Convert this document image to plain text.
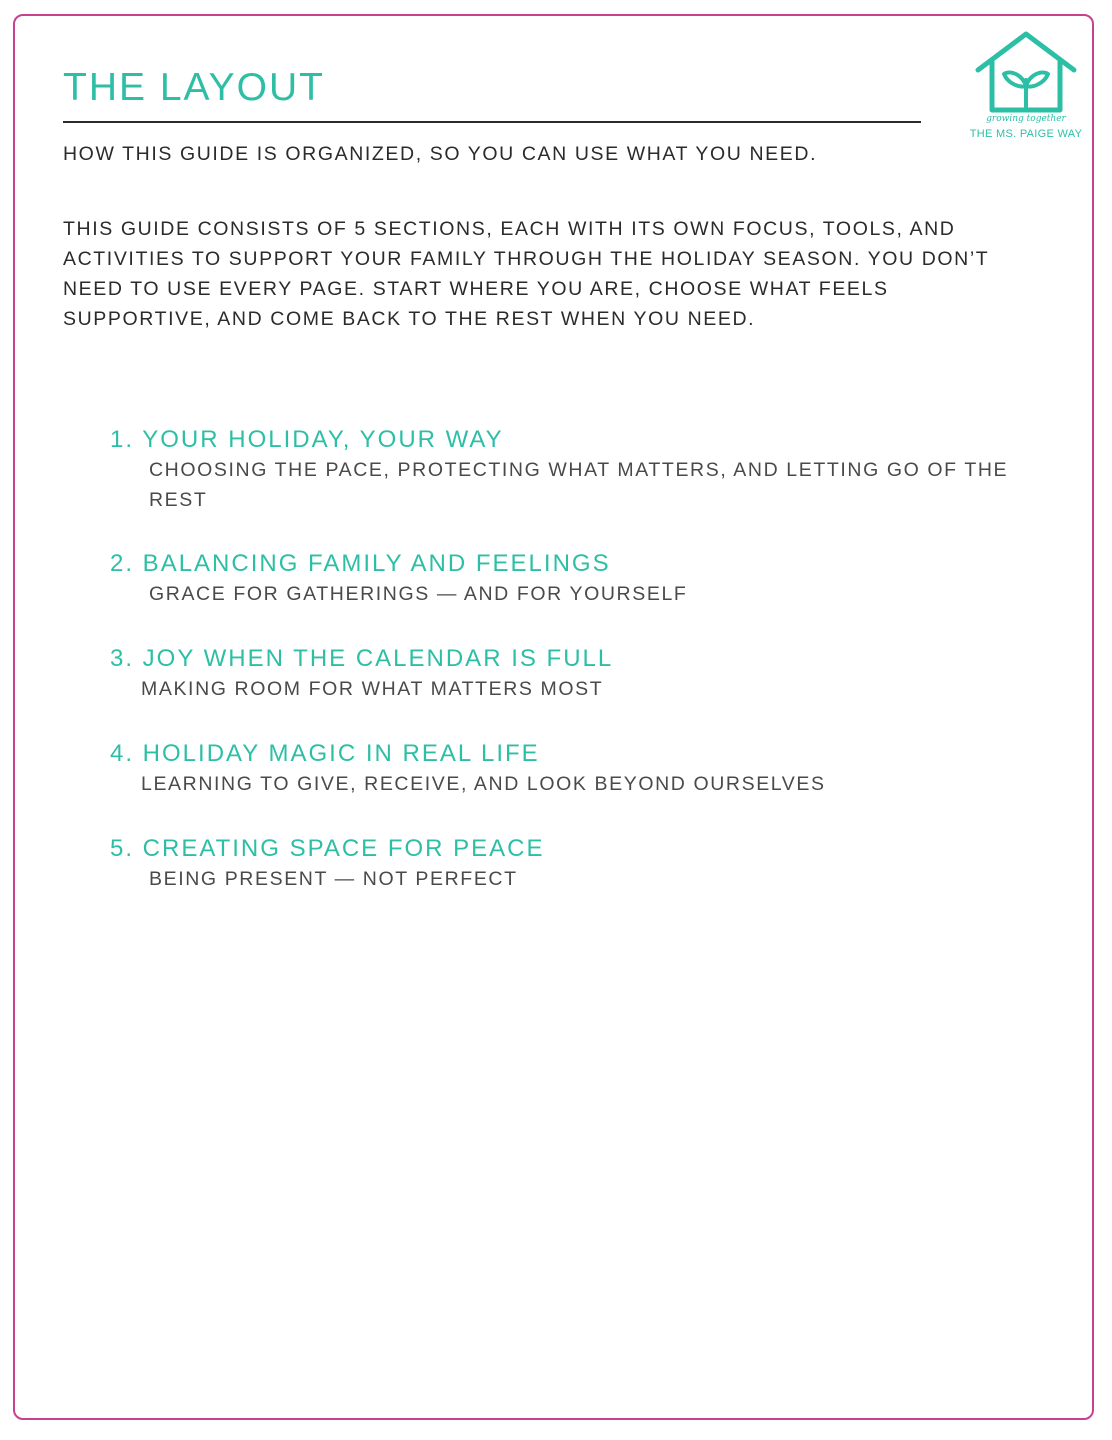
growing together
THE MS. PAIGE WAY
THE LAYOUT
HOW THIS GUIDE IS ORGANIZED, SO YOU CAN USE WHAT YOU NEED.

THIS GUIDE CONSISTS OF 5 SECTIONS, EACH WITH ITS OWN FOCUS, TOOLS, AND ACTIVITIES TO SUPPORT YOUR FAMILY THROUGH THE HOLIDAY SEASON. YOU DON’T NEED TO USE EVERY PAGE. START WHERE YOU ARE, CHOOSE WHAT FEELS SUPPORTIVE, AND COME BACK TO THE REST WHEN YOU NEED.

1. YOUR HOLIDAY, YOUR WAY
CHOOSING THE PACE, PROTECTING WHAT MATTERS, AND LETTING GO OF THE REST
2. BALANCING FAMILY AND FEELINGS
GRACE FOR GATHERINGS — AND FOR YOURSELF
3. JOY WHEN THE CALENDAR IS FULL
MAKING ROOM FOR WHAT MATTERS MOST
4. HOLIDAY MAGIC IN REAL LIFE
LEARNING TO GIVE, RECEIVE, AND LOOK BEYOND OURSELVES
5. CREATING SPACE FOR PEACE
BEING PRESENT — NOT PERFECT
